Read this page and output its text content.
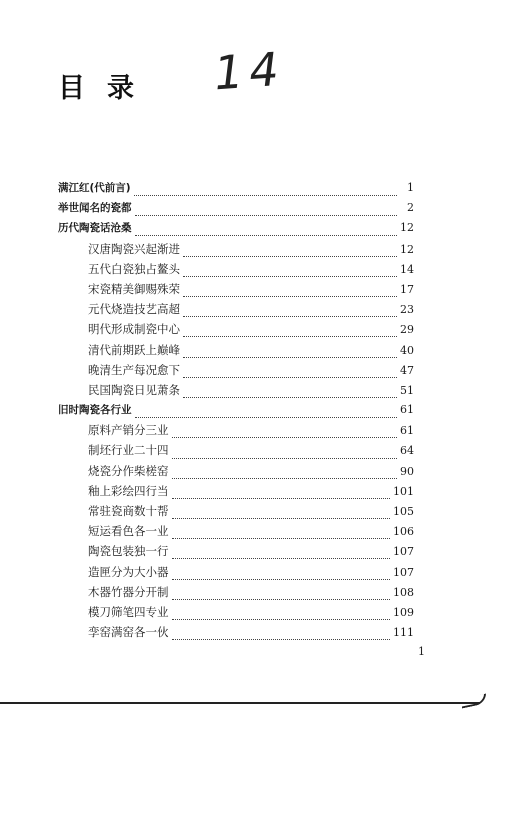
14
目录
满江红(代前言)	1
举世闻名的瓷都	2
历代陶瓷话沧桑	12
汉唐陶瓷兴起渐进	12
五代白瓷独占鳌头	14
宋瓷精美御赐殊荣	17
元代烧造技艺高超	23
明代形成制瓷中心	29
清代前期跃上巅峰	40
晚清生产每况愈下	47
民国陶瓷日见萧条	51
旧时陶瓷各行业	61
原料产销分三业	61
制坯行业二十四	64
烧瓷分作柴槎窑	90
釉上彩绘四行当	101
常驻瓷商数十帮	105
短运看色各一业	106
陶瓷包装独一行	107
造匣分为大小器	107
木器竹器分开制	108
模刀筛笔四专业	109
孪窑满窑各一伙	111
1
